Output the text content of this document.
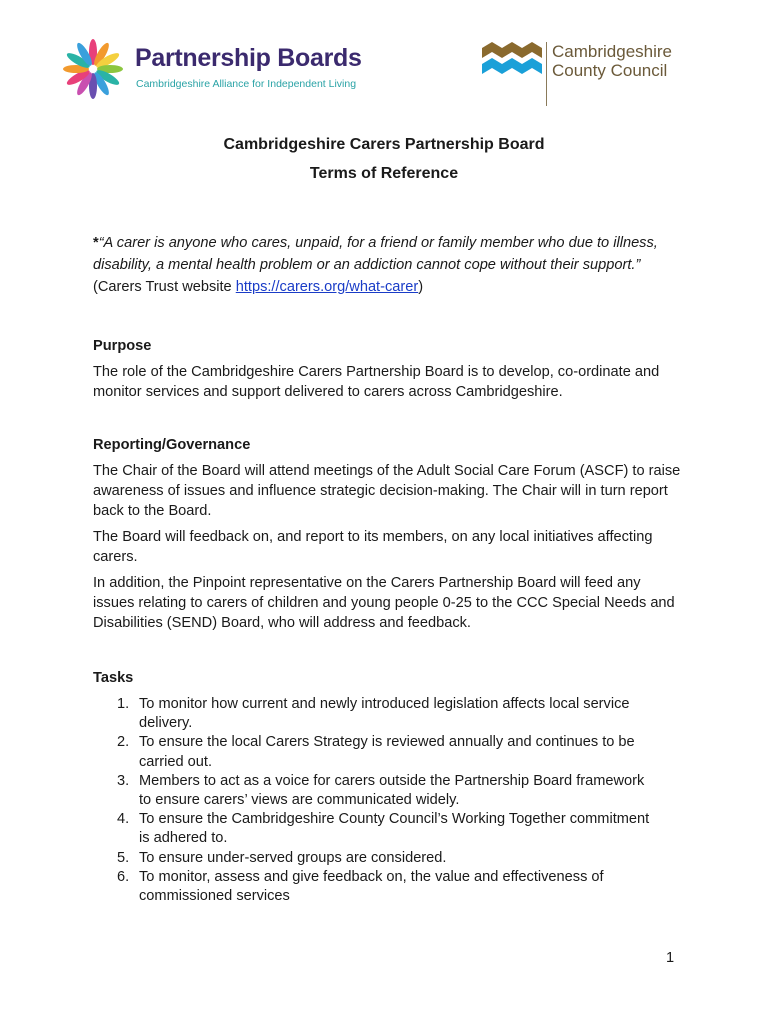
Partnership Boards
Cambridgeshire Alliance for Independent Living
Cambridgeshire
County Council
Cambridgeshire Carers Partnership Board
Terms of Reference
*“A carer is anyone who cares, unpaid, for a friend or family member who due to illness, disability, a mental health problem or an addiction cannot cope without their support.” (Carers Trust website https://carers.org/what-carer)
Purpose
The role of the Cambridgeshire Carers Partnership Board is to develop, co-ordinate and monitor services and support delivered to carers across Cambridgeshire.
Reporting/Governance
The Chair of the Board will attend meetings of the Adult Social Care Forum (ASCF) to raise awareness of issues and influence strategic decision-making. The Chair will in turn report back to the Board.
The Board will feedback on, and report to its members, on any local initiatives affecting carers.
In addition, the Pinpoint representative on the Carers Partnership Board will feed any issues relating to carers of children and young people 0-25 to the CCC Special Needs and Disabilities (SEND) Board, who will address and feedback.
Tasks
1. To monitor how current and newly introduced legislation affects local service delivery.
2. To ensure the local Carers Strategy is reviewed annually and continues to be carried out.
3. Members to act as a voice for carers outside the Partnership Board framework to ensure carers’ views are communicated widely.
4. To ensure the Cambridgeshire County Council’s Working Together commitment is adhered to.
5. To ensure under-served groups are considered.
6. To monitor, assess and give feedback on, the value and effectiveness of commissioned services
1
